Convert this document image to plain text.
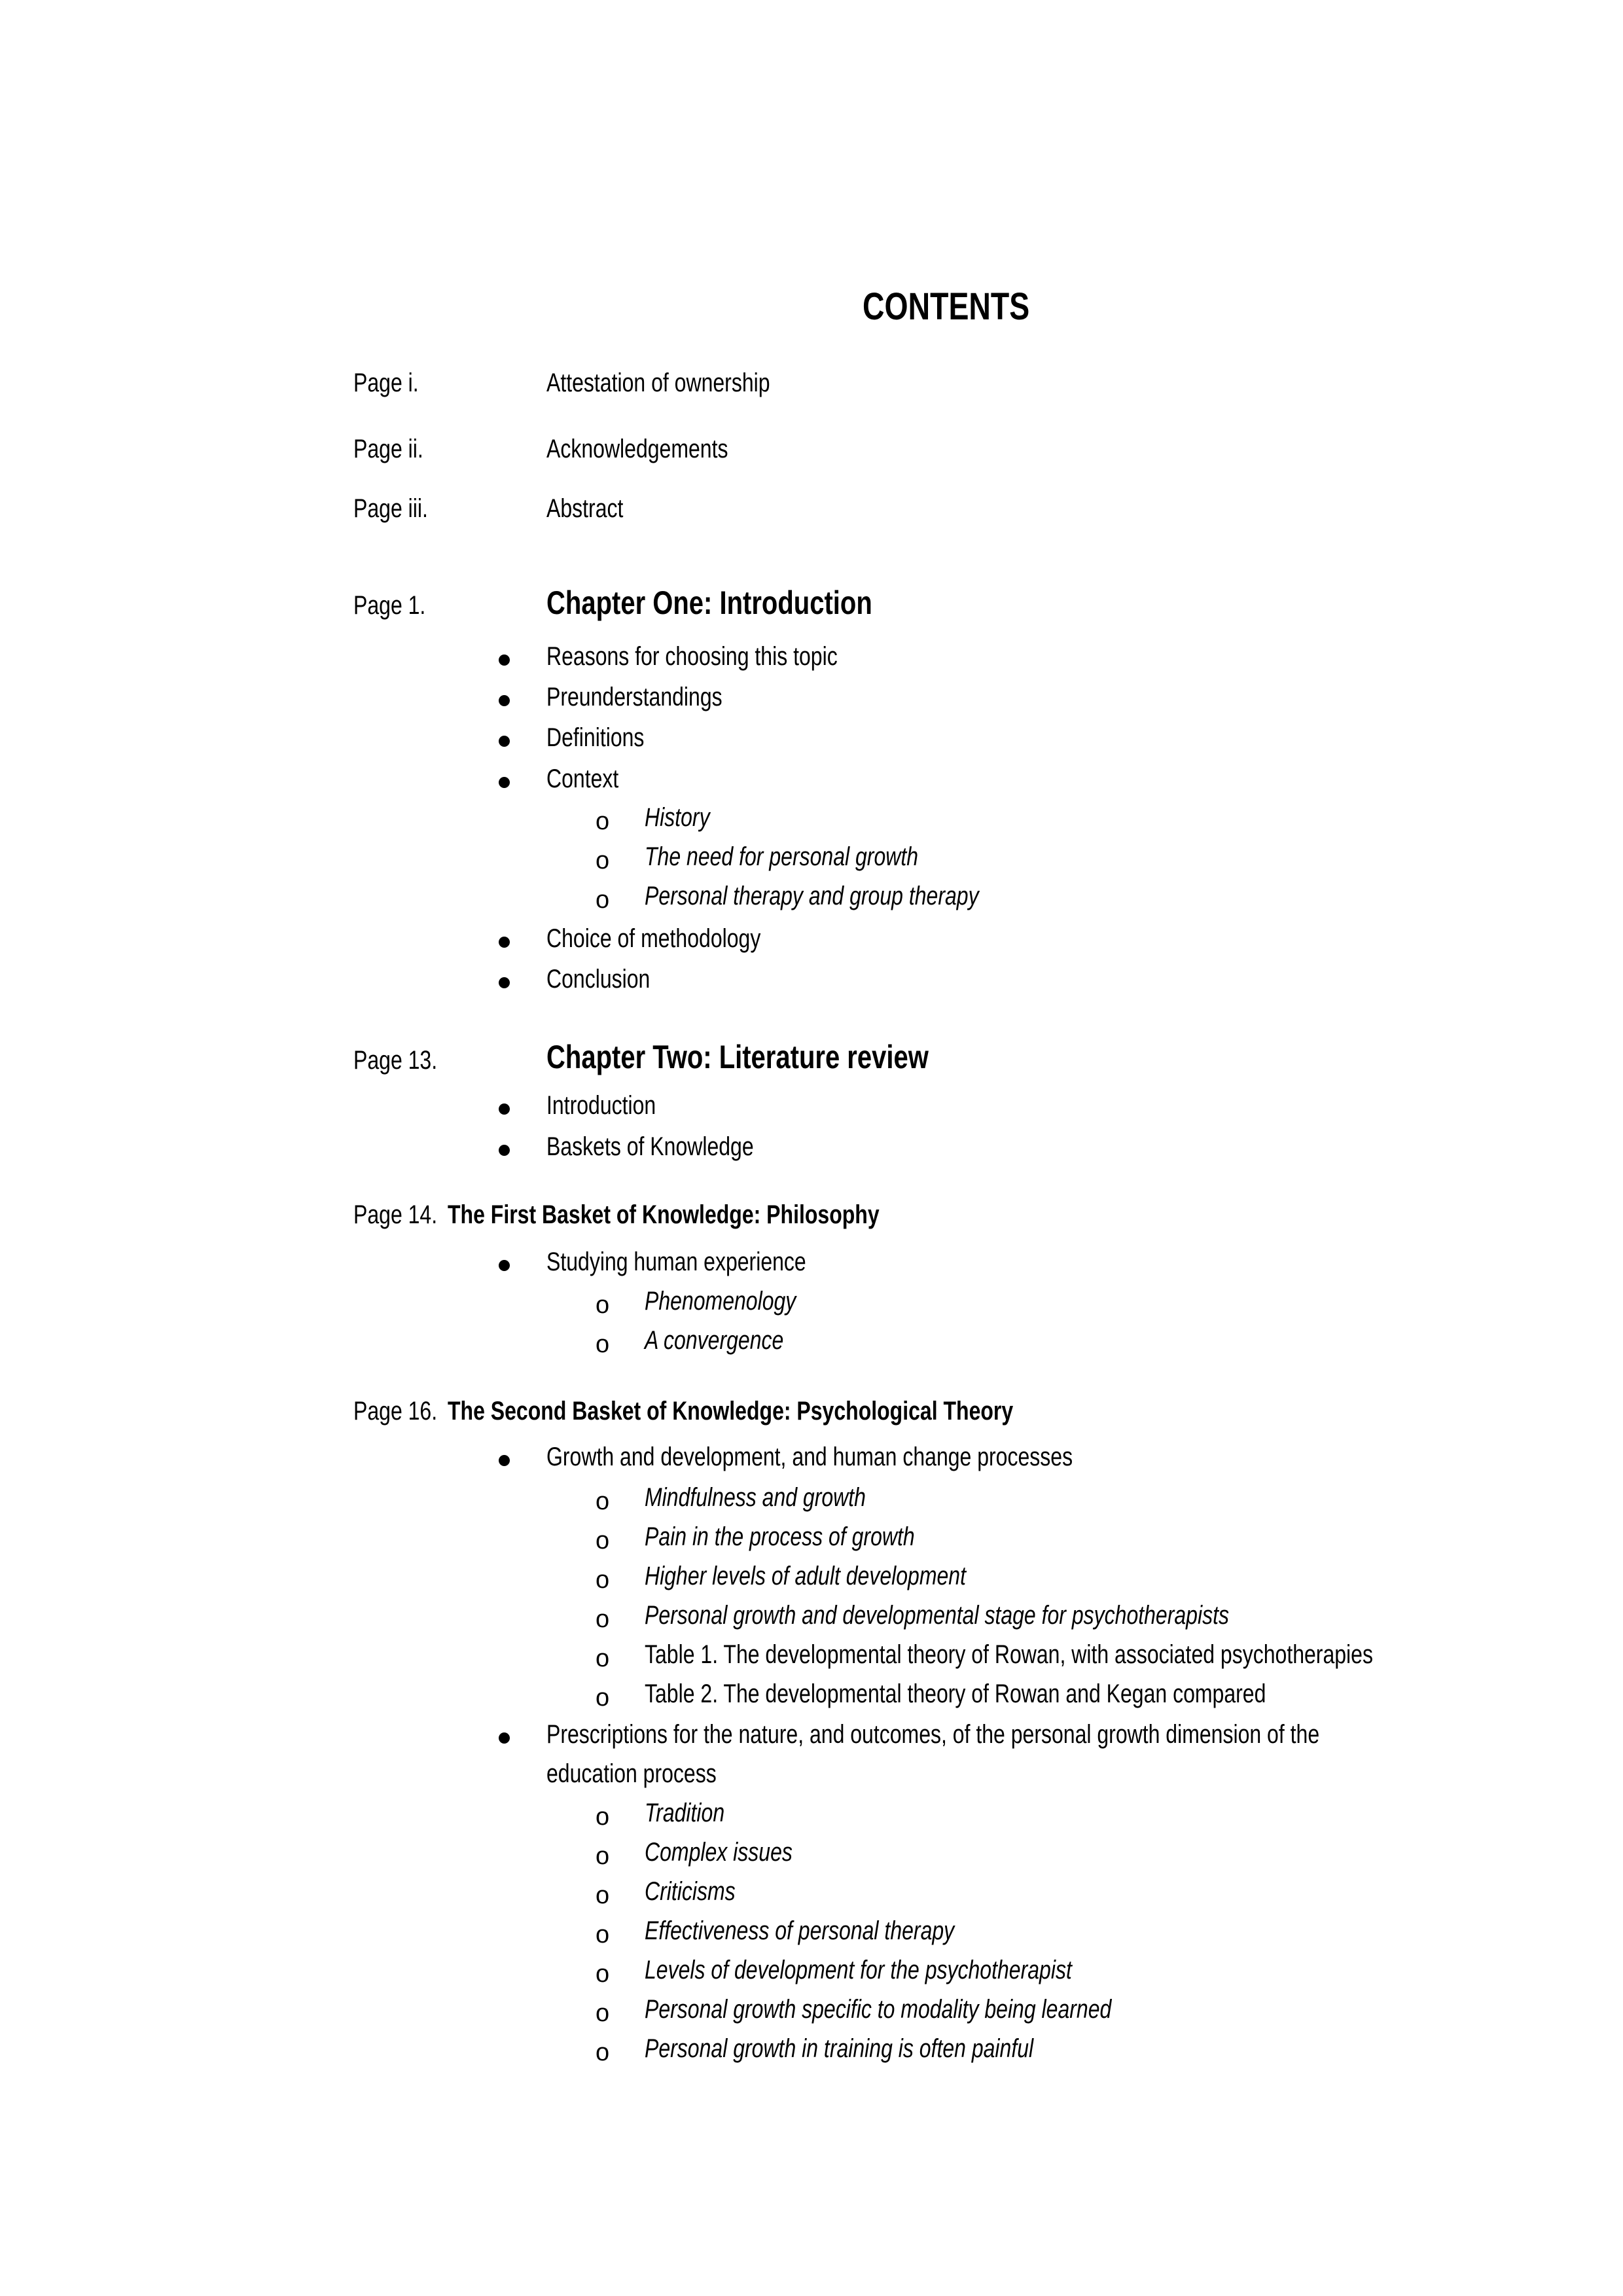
CONTENTS
Page i.	Attestation of ownership
Page ii.	Acknowledgements
Page iii.	Abstract
Page 1.	Chapter One: Introduction
Reasons for choosing this topic
Preunderstandings
Definitions
Context
o History
o The need for personal growth
o Personal therapy and group therapy
Choice of methodology
Conclusion
Page 13.	Chapter Two: Literature review
Introduction
Baskets of Knowledge
Page 14. The First Basket of Knowledge: Philosophy
Studying human experience
o Phenomenology
o A convergence
Page 16. The Second Basket of Knowledge: Psychological Theory
Growth and development, and human change processes
o Mindfulness and growth
o Pain in the process of growth
o Higher levels of adult development
o Personal growth and developmental stage for psychotherapists
o Table 1. The developmental theory of Rowan, with associated psychotherapies
o Table 2. The developmental theory of Rowan and Kegan compared
Prescriptions for the nature, and outcomes, of the personal growth dimension of the
education process
o Tradition
o Complex issues
o Criticisms
o Effectiveness of personal therapy
o Levels of development for the psychotherapist
o Personal growth specific to modality being learned
o Personal growth in training is often painful
